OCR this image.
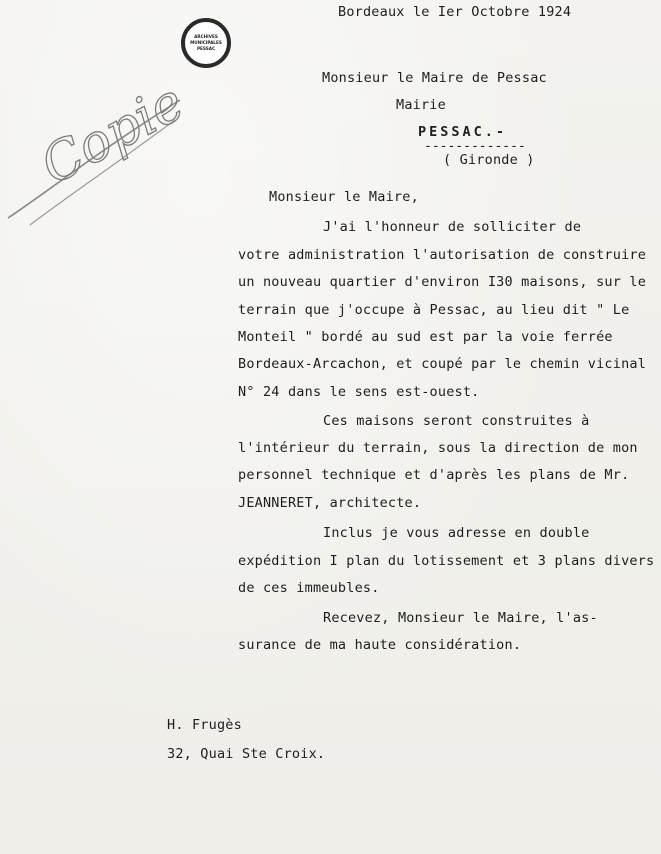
ARCHIVES
MUNICIPALES
PESSAC
Copie
Bordeaux le Ier Octobre 1924
Monsieur le Maire de Pessac
Mairie
PESSAC.-
-------------
( Gironde )
Monsieur le Maire,
J'ai l'honneur de solliciter de
votre administration l'autorisation de construire
un nouveau quartier d'environ I30 maisons, sur le
terrain que j'occupe à Pessac, au lieu dit " Le
Monteil " bordé au sud est par la voie ferrée
Bordeaux-Arcachon, et coupé par le chemin vicinal
N° 24 dans le sens est-ouest.
Ces maisons seront construites à
l'intérieur du terrain, sous la direction de mon
personnel technique et d'après les plans de Mr.
JEANNERET, architecte.
Inclus je vous adresse en double
expédition I plan du lotissement et 3 plans divers
de ces immeubles.
Recevez, Monsieur le Maire, l'as-
surance de ma haute considération.
H. Frugès
32, Quai Ste Croix.
